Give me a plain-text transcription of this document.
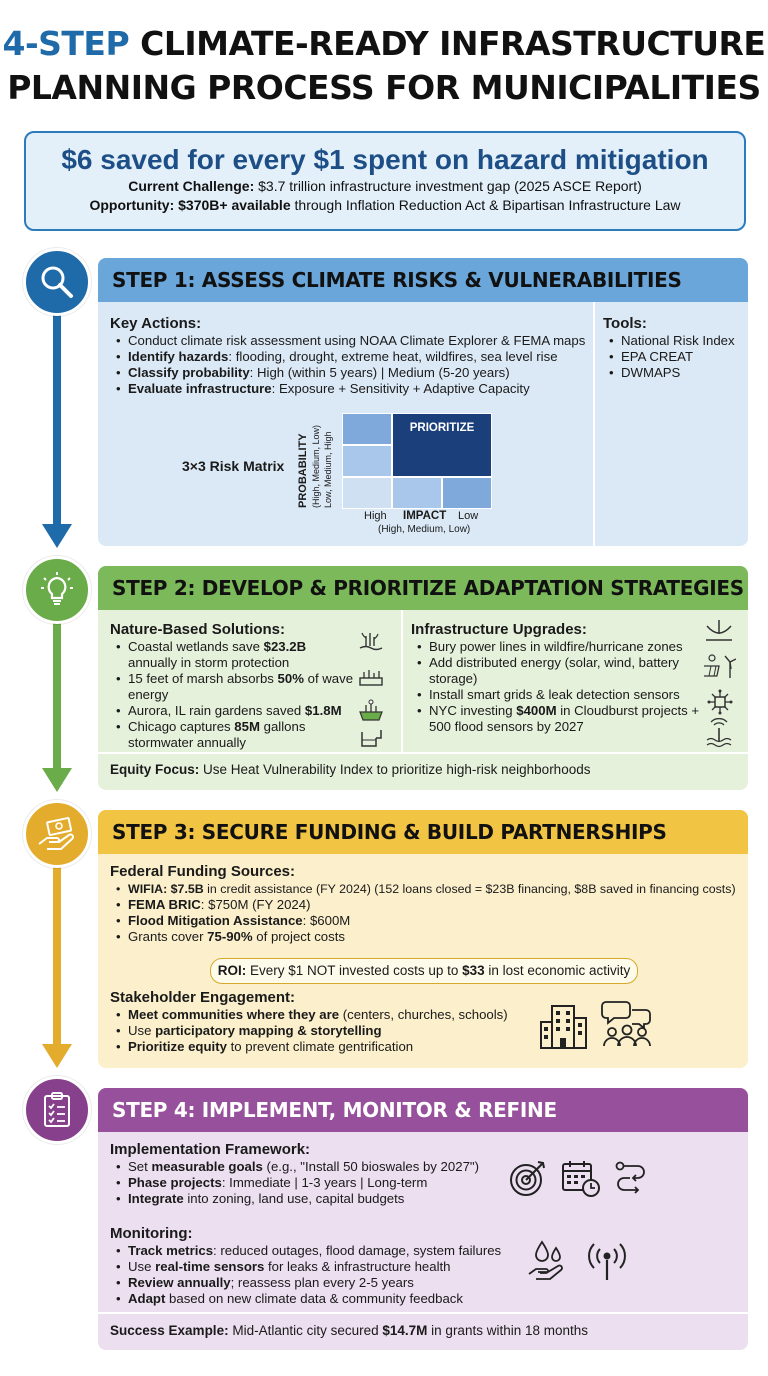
4-STEP CLIMATE-READY INFRASTRUCTURE
PLANNING PROCESS FOR MUNICIPALITIES
$6 saved for every $1 spent on hazard mitigation
Current Challenge: $3.7 trillion infrastructure investment gap (2025 ASCE Report)
Opportunity: $370B+ available through Inflation Reduction Act & Bipartisan Infrastructure Law
STEP 1: ASSESS CLIMATE RISKS & VULNERABILITIES
Key Actions:
• Conduct climate risk assessment using NOAA Climate Explorer & FEMA maps
• Identify hazards: flooding, drought, extreme heat, wildfires, sea level rise
• Classify probability: High (within 5 years) | Medium (5-20 years)
• Evaluate infrastructure: Exposure + Sensitivity + Adaptive Capacity
Tools:
• National Risk Index
• EPA CREAT
• DWMAPS
3×3 Risk Matrix PROBABILITY (High, Medium, Low) Low, Medium, High
PRIORITIZE
High IMPACT Low
(High, Medium, Low)
STEP 2: DEVELOP & PRIORITIZE ADAPTATION STRATEGIES
Nature-Based Solutions:
• Coastal wetlands save $23.2B annually in storm protection
• 15 feet of marsh absorbs 50% of wave energy
• Aurora, IL rain gardens saved $1.8M
• Chicago captures 85M gallons stormwater annually
Infrastructure Upgrades:
• Bury power lines in wildfire/hurricane zones
• Add distributed energy (solar, wind, battery storage)
• Install smart grids & leak detection sensors
• NYC investing $400M in Cloudburst projects + 500 flood sensors by 2027
Equity Focus: Use Heat Vulnerability Index to prioritize high-risk neighborhoods
STEP 3: SECURE FUNDING & BUILD PARTNERSHIPS
Federal Funding Sources:
• WIFIA: $7.5B in credit assistance (FY 2024) (152 loans closed = $23B financing, $8B saved in financing costs)
• FEMA BRIC: $750M (FY 2024)
• Flood Mitigation Assistance: $600M
• Grants cover 75-90% of project costs
ROI: Every $1 NOT invested costs up to $33 in lost economic activity
Stakeholder Engagement:
• Meet communities where they are (centers, churches, schools)
• Use participatory mapping & storytelling
• Prioritize equity to prevent climate gentrification
STEP 4: IMPLEMENT, MONITOR & REFINE
Implementation Framework:
• Set measurable goals (e.g., "Install 50 bioswales by 2027")
• Phase projects: Immediate | 1-3 years | Long-term
• Integrate into zoning, land use, capital budgets
Monitoring:
• Track metrics: reduced outages, flood damage, system failures
• Use real-time sensors for leaks & infrastructure health
• Review annually; reassess plan every 2-5 years
• Adapt based on new climate data & community feedback
Success Example: Mid-Atlantic city secured $14.7M in grants within 18 months
